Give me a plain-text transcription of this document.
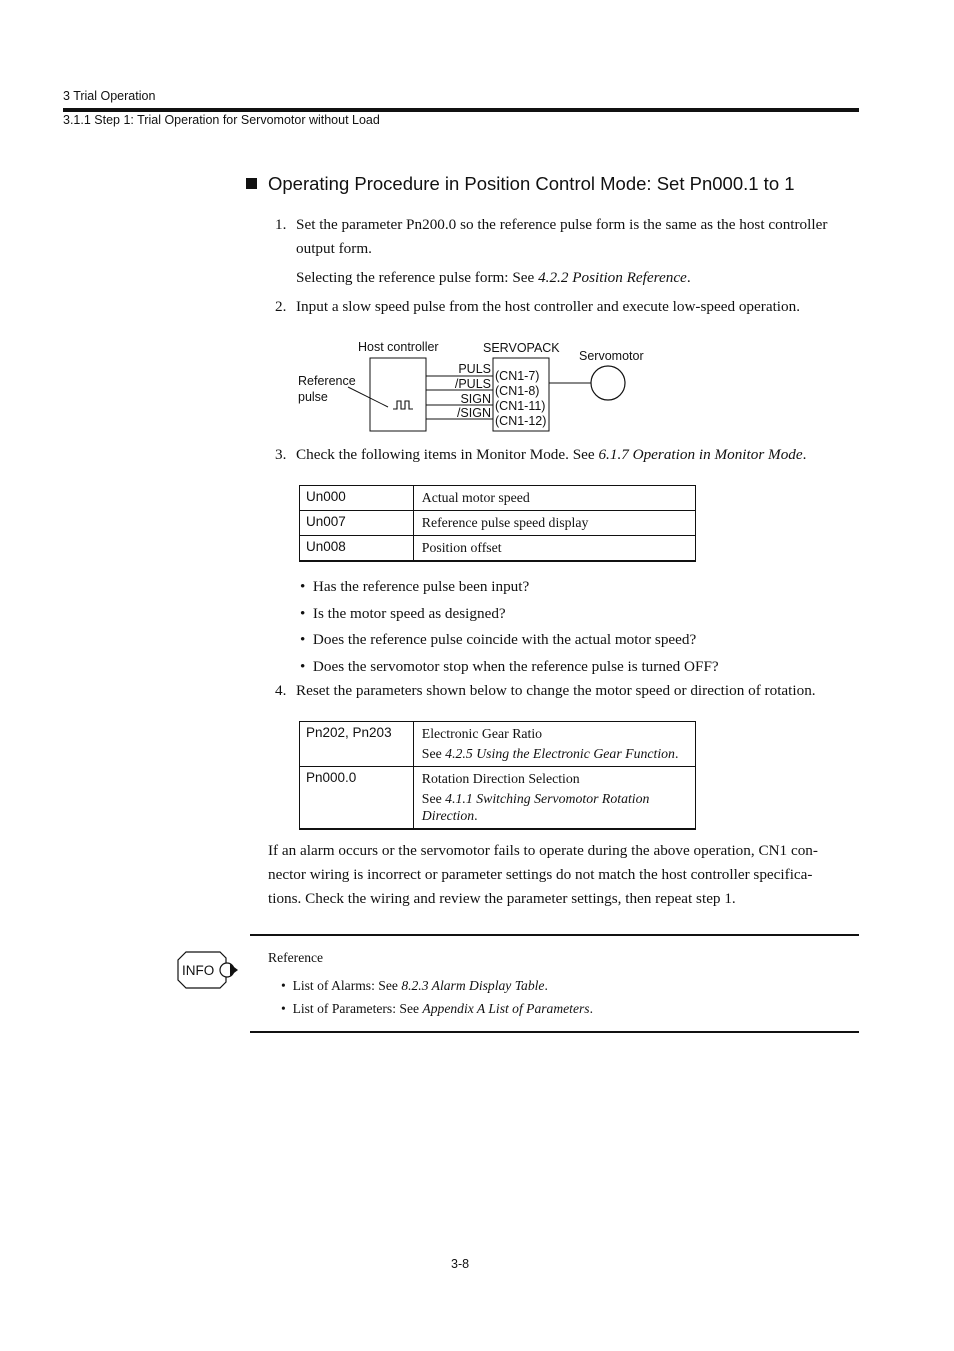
3 Trial Operation
3.1.1 Step 1: Trial Operation for Servomotor without Load
Operating Procedure in Position Control Mode: Set Pn000.1 to 1
1. Set the parameter Pn200.0 so the reference pulse form is the same as the host controller
output form.
Selecting the reference pulse form: See 4.2.2 Position Reference.
2. Input a slow speed pulse from the host controller and execute low-speed operation.
Host controller	SERVOPACK
Servomotor
Reference
pulse
PULS
/PULS
SIGN
/SIGN
(CN1-7)
(CN1-8)
(CN1-11)
(CN1-12)
3. Check the following items in Monitor Mode. See 6.1.7 Operation in Monitor Mode.
Un000	Actual motor speed
Un007	Reference pulse speed display
Un008	Position offset
•  Has the reference pulse been input?
•  Is the motor speed as designed?
•  Does the reference pulse coincide with the actual motor speed?
•  Does the servomotor stop when the reference pulse is turned OFF?
4. Reset the parameters shown below to change the motor speed or direction of rotation.
Pn202, Pn203	Electronic Gear Ratio
See 4.2.5 Using the Electronic Gear Function.

Pn000.0	Rotation Direction Selection
See 4.1.1 Switching Servomotor Rotation
Direction.
If an alarm occurs or the servomotor fails to operate during the above operation, CN1 con-
nector wiring is incorrect or parameter settings do not match the host controller specifica-
tions. Check the wiring and review the parameter settings, then repeat step 1.
INFO
Reference
•  List of Alarms: See 8.2.3 Alarm Display Table.
•  List of Parameters: See Appendix A List of Parameters.
3-8
